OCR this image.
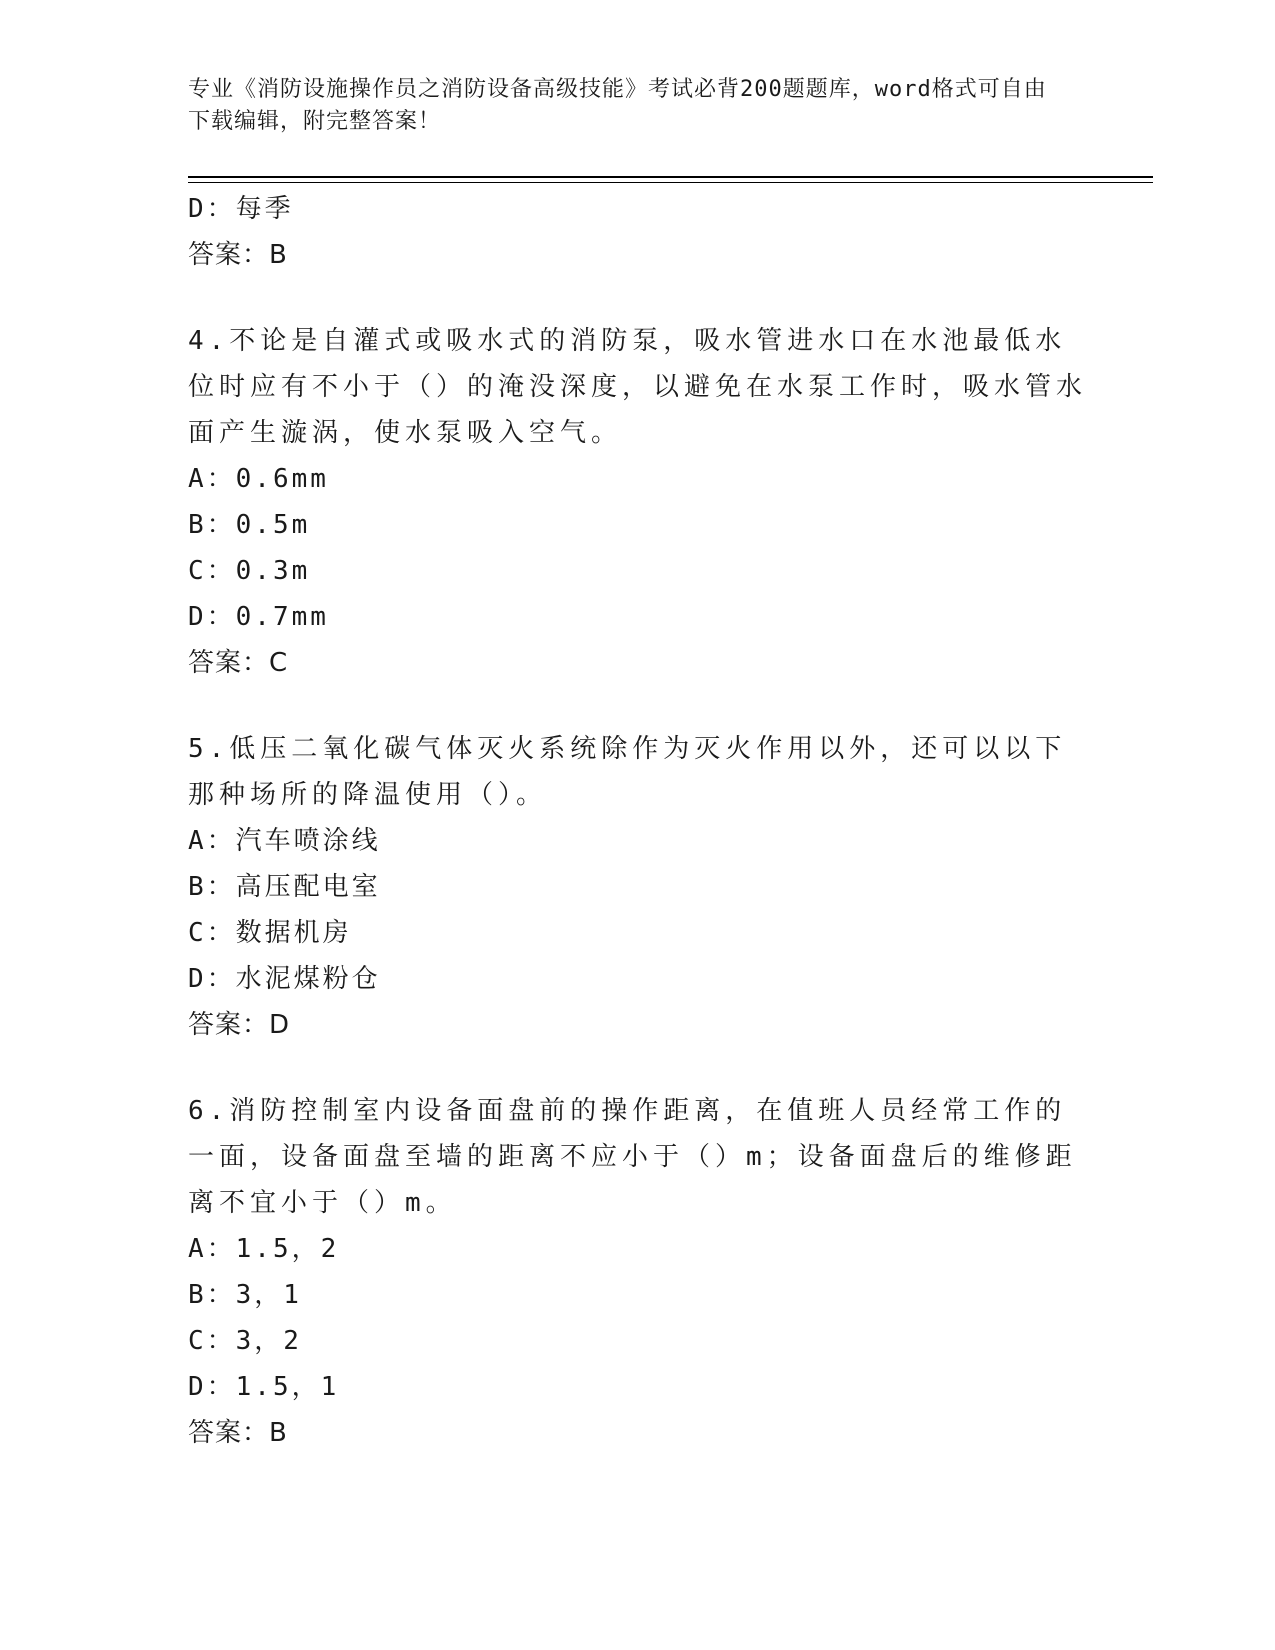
专业《消防设施操作员之消防设备高级技能》考试必背200题题库，word格式可自由下载编辑，附完整答案！
D：每季
答案：B
4.不论是自灌式或吸水式的消防泵，吸水管进水口在水池最低水位时应有不小于（）的淹没深度，以避免在水泵工作时，吸水管水面产生漩涡，使水泵吸入空气。
A：0.6mm
B：0.5m
C：0.3m
D：0.7mm
答案：C
5.低压二氧化碳气体灭火系统除作为灭火作用以外，还可以以下那种场所的降温使用（）。
A：汽车喷涂线
B：高压配电室
C：数据机房
D：水泥煤粉仓
答案：D
6.消防控制室内设备面盘前的操作距离，在值班人员经常工作的一面，设备面盘至墙的距离不应小于（）m；设备面盘后的维修距离不宜小于（）m。
A：1.5，2
B：3，1
C：3，2
D：1.5，1
答案：B
